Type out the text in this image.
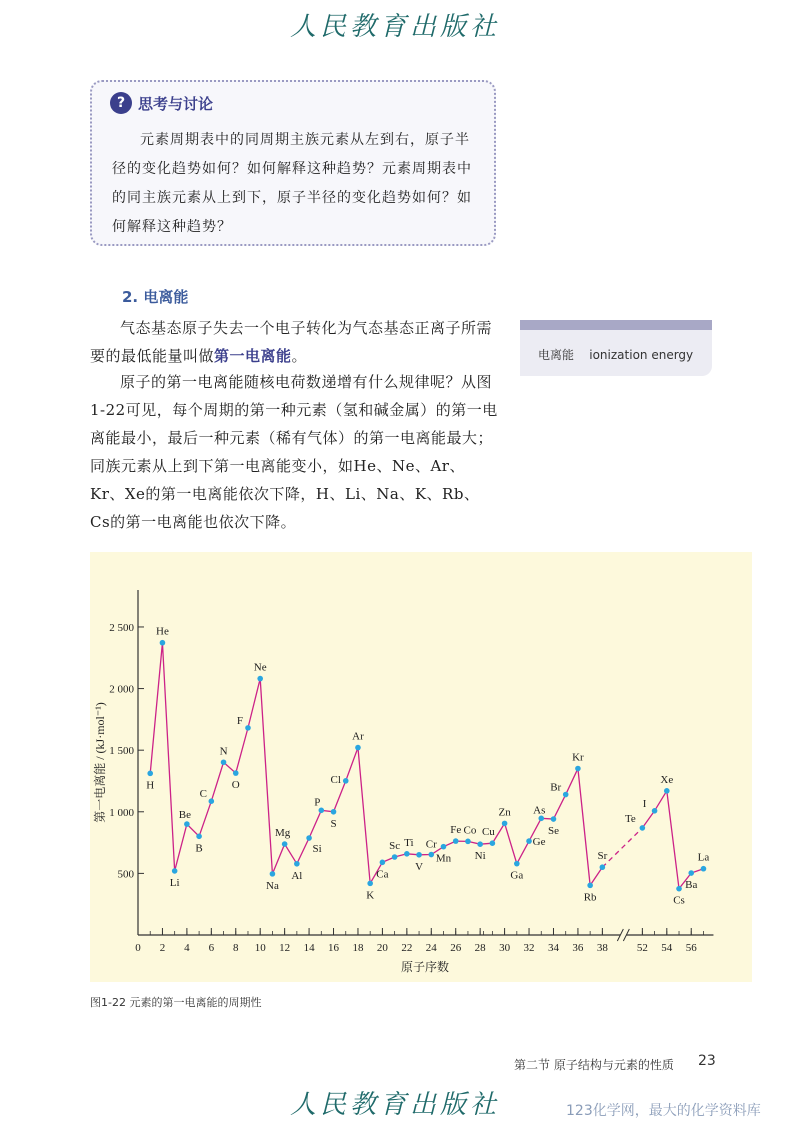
人民教育出版社
? 思考与讨论
元素周期表中的同周期主族元素从左到右，原子半径的变化趋势如何？如何解释这种趋势？元素周期表中的同主族元素从上到下，原子半径的变化趋势如何？如何解释这种趋势？
2. 电离能
气态基态原子失去一个电子转化为气态基态正离子所需要的最低能量叫做第一电离能。
原子的第一电离能随核电荷数递增有什么规律呢？从图1-22可见，每个周期的第一种元素（氢和碱金属）的第一电离能最小，最后一种元素（稀有气体）的第一电离能最大；同族元素从上到下第一电离能变小，如He、Ne、Ar、Kr、Xe的第一电离能依次下降，H、Li、Na、K、Rb、Cs的第一电离能也依次下降。
电离能    ionization energy
500
1 000
1 500
2 000
2 500
0 2 4 6 8 10 12 14 16 18 20 22 24 26 28 30 32 34 36 38	52 54 56
原子序数
第一电离能 / (kJ·mol⁻¹)	H
He
Li
Be
B
C
N
O
F
Ne
Na
Mg
Al
Si
P
S
Cl
Ar
K
Ca
Sc Ti
V
Cr
Mn
Fe Co
Ni
Cu
Zn
Ga
Ge
As
Se
Br
Kr
Rb
Sr
Te
I
Xe
Cs
Ba
La
图1-22 元素的第一电离能的周期性
第二节 原子结构与元素的性质 23
人民教育出版社	123化学网，最大的化学资料库
